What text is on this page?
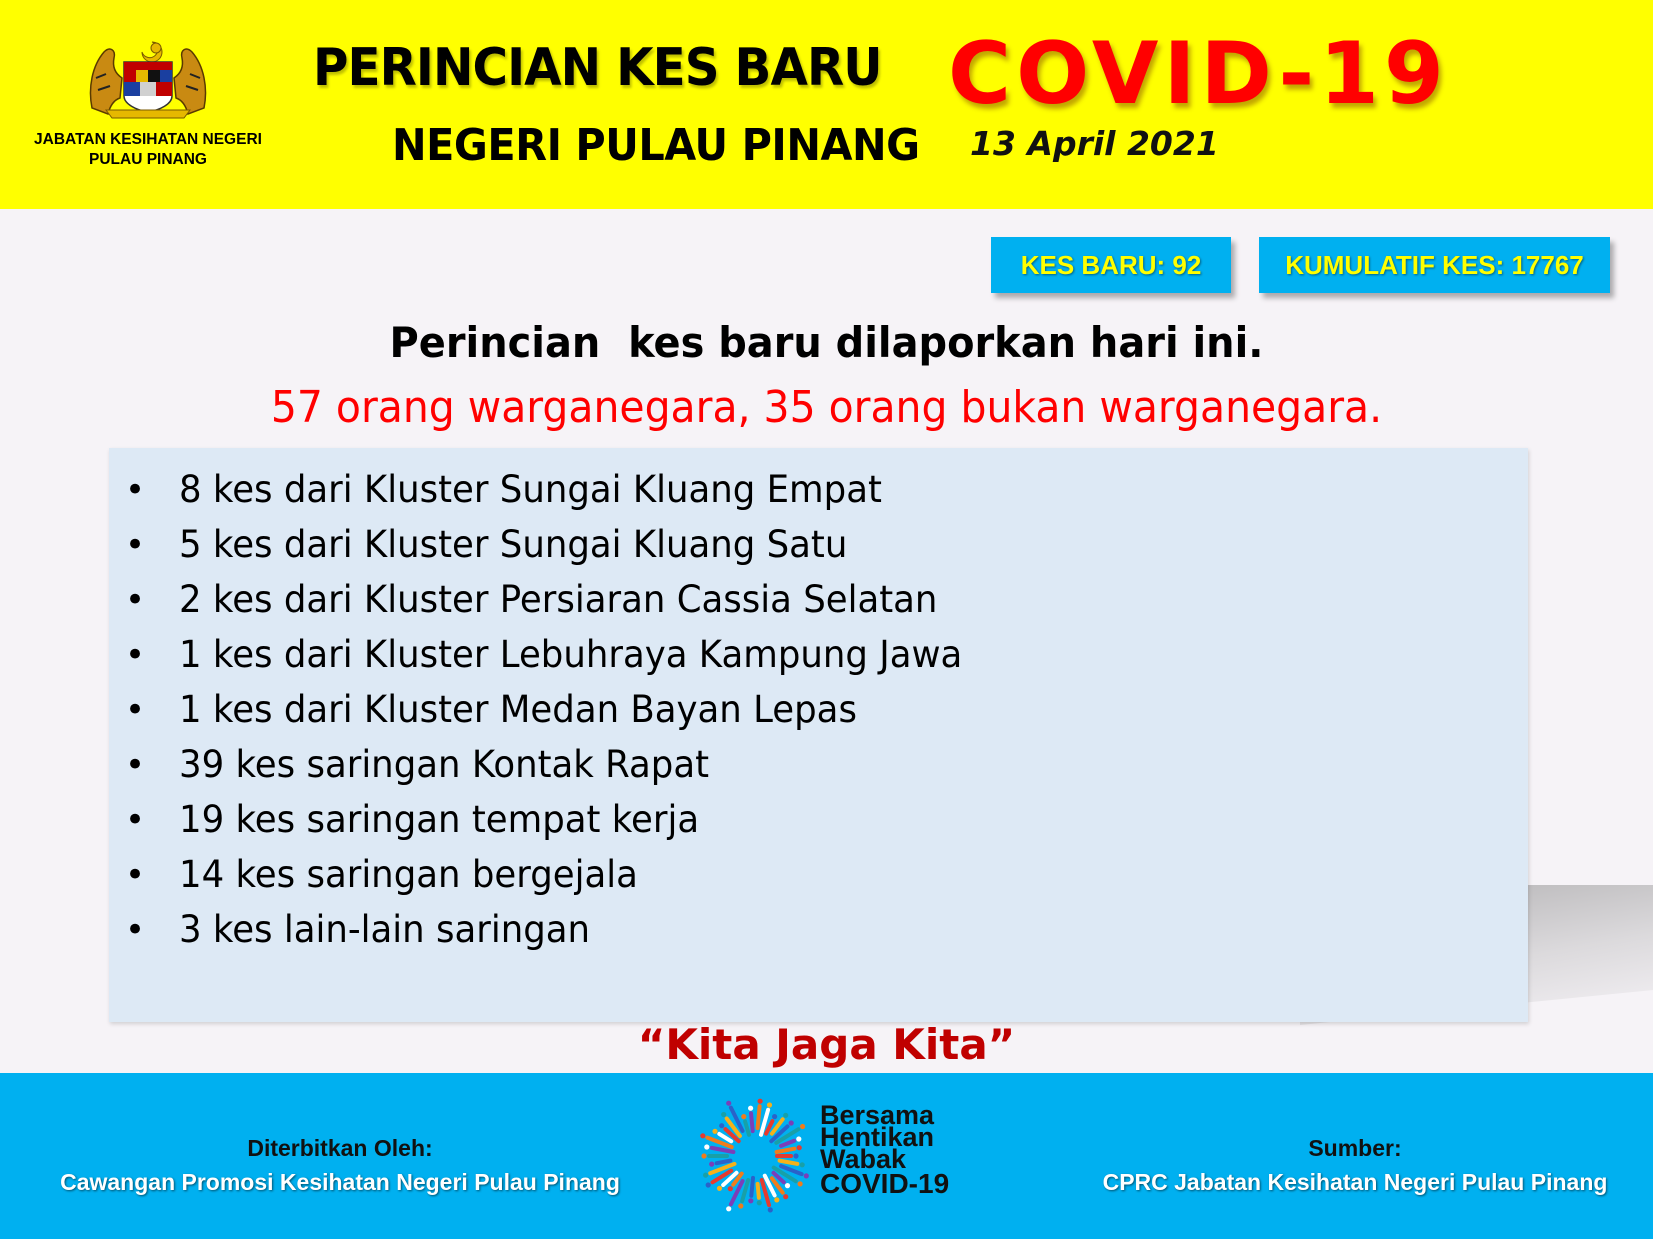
JABATAN KESIHATAN NEGERI
PULAU PINANG
PERINCIAN KES BARU COVID-19
NEGERI PULAU PINANG 13 April 2021
KES BARU: 92	KUMULATIF KES: 17767
Perincian  kes baru dilaporkan hari ini.
57 orang warganegara, 35 orang bukan warganegara.
• 8 kes dari Kluster Sungai Kluang Empat
• 5 kes dari Kluster Sungai Kluang Satu
• 2 kes dari Kluster Persiaran Cassia Selatan
• 1 kes dari Kluster Lebuhraya Kampung Jawa
• 1 kes dari Kluster Medan Bayan Lepas
• 39 kes saringan Kontak Rapat
• 19 kes saringan tempat kerja
• 14 kes saringan bergejala
• 3 kes lain-lain saringan
“Kita Jaga Kita”
Diterbitkan Oleh:
Cawangan Promosi Kesihatan Negeri Pulau Pinang
Bersama
Hentikan
Wabak
COVID-19
Sumber:
CPRC Jabatan Kesihatan Negeri Pulau Pinang
